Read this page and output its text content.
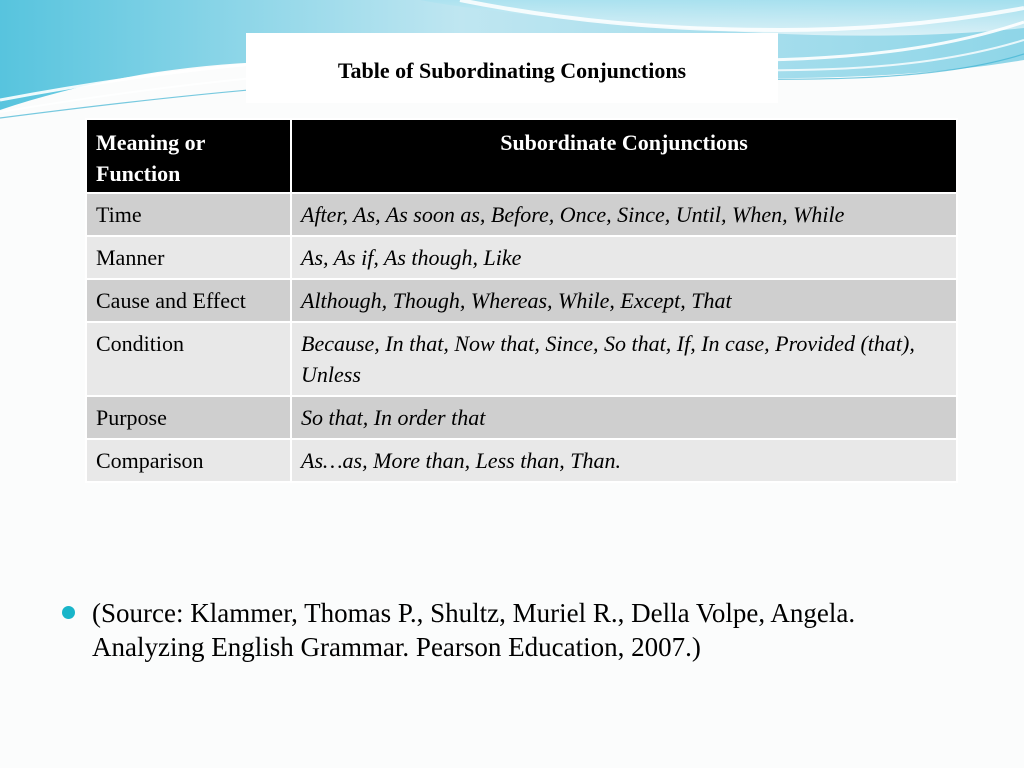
Table of Subordinating Conjunctions
Meaning or Function	Subordinate Conjunctions
Time	After, As, As soon as, Before, Once, Since, Until, When, While
Manner	As, As if, As though, Like
Cause and Effect	Although, Though, Whereas, While, Except, That
Condition	Because, In that, Now that, Since, So that, If, In case, Provided (that), Unless
Purpose	So that, In order that
Comparison	As…as, More than, Less than, Than.
(Source: Klammer, Thomas P., Shultz, Muriel R., Della Volpe, Angela. Analyzing English Grammar. Pearson Education, 2007.)
